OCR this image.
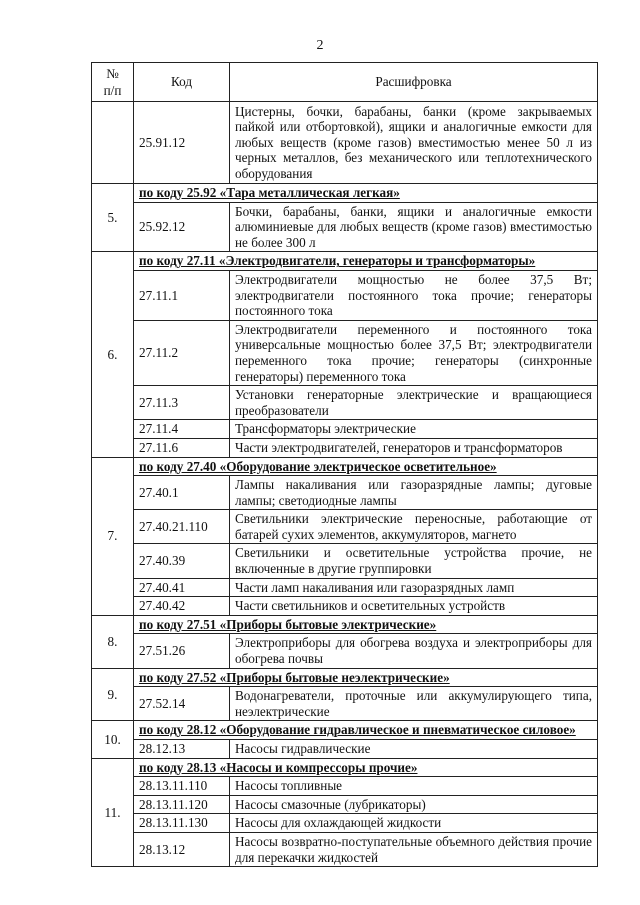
2
№
п/п	Код	Расшифровка
	25.91.12	Цистерны, бочки, барабаны, банки (кроме закрываемых пайкой или отбортовкой), ящики и аналогичные емкости для любых веществ (кроме газов) вместимостью менее 50 л из черных металлов, без механического или теплотехнического оборудования
5.	по коду 25.92 «Тара металлическая легкая»	
	25.92.12	Бочки, барабаны, банки, ящики и аналогичные емкости алюминиевые для любых веществ (кроме газов) вместимостью не более 300 л
6.	по коду 27.11 «Электродвигатели, генераторы и трансформаторы»	
	27.11.1	Электродвигатели мощностью не более 37,5 Вт; электродвигатели постоянного тока прочие; генераторы постоянного тока
	27.11.2	Электродвигатели переменного и постоянного тока универсальные мощностью более 37,5 Вт; электродвигатели переменного тока прочие; генераторы (синхронные генераторы) переменного тока
	27.11.3	Установки генераторные электрические и вращающиеся преобразователи
	27.11.4	Трансформаторы электрические
	27.11.6	Части электродвигателей, генераторов и трансформаторов
7.	по коду 27.40 «Оборудование электрическое осветительное»	
	27.40.1	Лампы накаливания или газоразрядные лампы; дуговые лампы; светодиодные лампы
	27.40.21.110	Светильники электрические переносные, работающие от батарей сухих элементов, аккумуляторов, магнето
	27.40.39	Светильники и осветительные устройства прочие, не включенные в другие группировки
	27.40.41	Части ламп накаливания или газоразрядных ламп
	27.40.42	Части светильников и осветительных устройств
8.	по коду 27.51 «Приборы бытовые электрические»	
	27.51.26	Электроприборы для обогрева воздуха и электроприборы для обогрева почвы
9.	по коду 27.52 «Приборы бытовые неэлектрические»	
	27.52.14	Водонагреватели, проточные или аккумулирующего типа, неэлектрические
10.	по коду 28.12 «Оборудование гидравлическое и пневматическое силовое»	
	28.12.13	Насосы гидравлические
11.	по коду 28.13 «Насосы и компрессоры прочие»	
	28.13.11.110	Насосы топливные
	28.13.11.120	Насосы смазочные (лубрикаторы)
	28.13.11.130	Насосы для охлаждающей жидкости
	28.13.12	Насосы возвратно-поступательные объемного действия прочие для перекачки жидкостей
